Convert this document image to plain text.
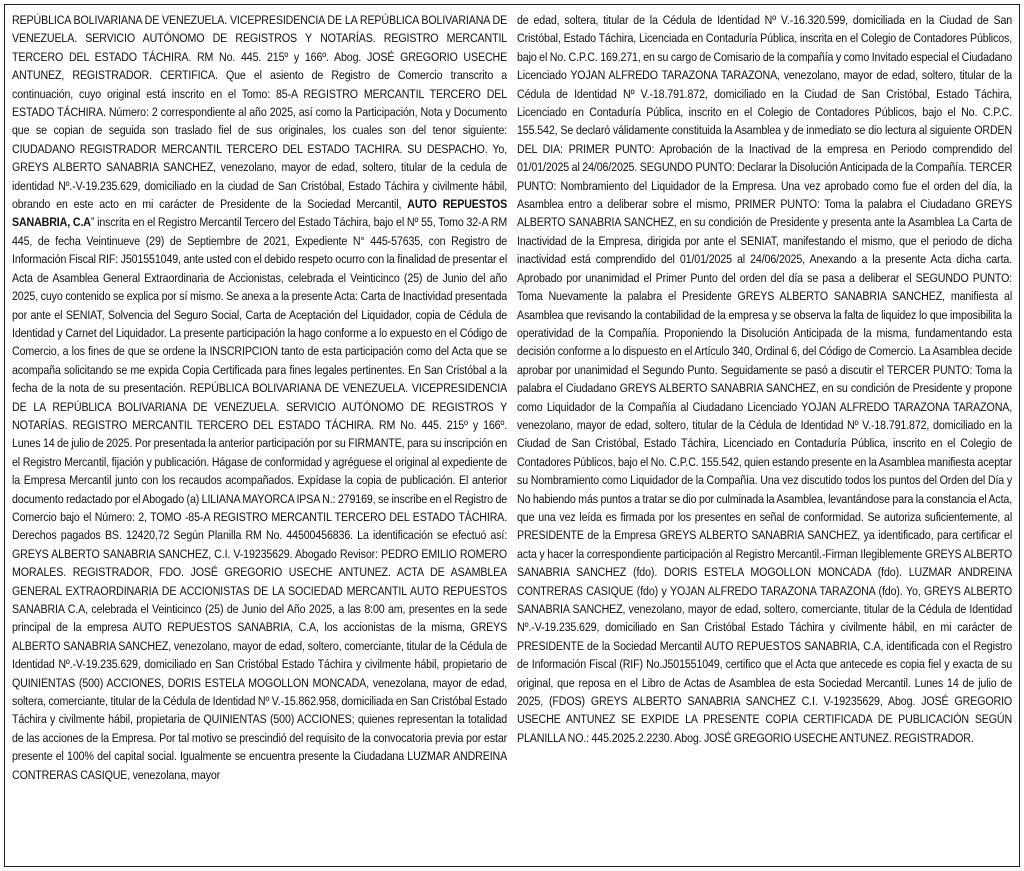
REPÚBLICA BOLIVARIANA DE VENEZUELA. VICEPRESIDENCIA DE LA REPÚBLICA BOLIVARIANA DE VENEZUELA. SERVICIO AUTÓNOMO DE REGISTROS Y NOTARÍAS. REGISTRO MERCANTIL TERCERO DEL ESTADO TÁCHIRA. RM No. 445. 215º y 166º. Abog. JOSÉ GREGORIO USECHE ANTUNEZ, REGISTRADOR. CERTIFICA. Que el asiento de Registro de Comercio transcrito a continuación, cuyo original está inscrito en el Tomo: 85-A REGISTRO MERCANTIL TERCERO DEL ESTADO TÁCHIRA. Número: 2 correspondiente al año 2025, así como la Participación, Nota y Documento que se copian de seguida son traslado fiel de sus originales, los cuales son del tenor siguiente: CIUDADANO REGISTRADOR MERCANTIL TERCERO DEL ESTADO TACHIRA. SU DESPACHO. Yo, GREYS ALBERTO SANABRIA SANCHEZ, venezolano, mayor de edad, soltero, titular de la cedula de identidad Nº.-V-19.235.629, domiciliado en la ciudad de San Cristóbal, Estado Táchira y civilmente hábil, obrando en este acto en mi carácter de Presidente de la Sociedad Mercantil, AUTO REPUESTOS SANABRIA, C.A” inscrita en el Registro Mercantil Tercero del Estado Táchira, bajo el Nº 55, Tomo 32-A RM 445, de fecha Veintinueve (29) de Septiembre de 2021, Expediente N° 445-57635, con Registro de Información Fiscal RIF: J501551049, ante usted con el debido respeto ocurro con la finalidad de presentar el Acta de Asamblea General Extraordinaria de Accionistas, celebrada el Veinticinco (25) de Junio del año 2025, cuyo contenido se explica por sí mismo. Se anexa a la presente Acta: Carta de Inactividad presentada por ante el SENIAT, Solvencia del Seguro Social, Carta de Aceptación del Liquidador, copia de Cédula de Identidad y Carnet del Liquidador. La presente participación la hago conforme a lo expuesto en el Código de Comercio, a los fines de que se ordene la INSCRIPCION tanto de esta participación como del Acta que se acompaña solicitando se me expida Copia Certificada para fines legales pertinentes. En San Cristóbal a la fecha de la nota de su presentación. REPÚBLICA BOLIVARIANA DE VENEZUELA. VICEPRESIDENCIA DE LA REPÚBLICA BOLIVARIANA DE VENEZUELA. SERVICIO AUTÓNOMO DE REGISTROS Y NOTARÍAS. REGISTRO MERCANTIL TERCERO DEL ESTADO TÁCHIRA. RM No. 445. 215º y 166º. Lunes 14 de julio de 2025. Por presentada la anterior participación por su FIRMANTE, para su inscripción en el Registro Mercantil, fijación y publicación. Hágase de conformidad y agréguese el original al expediente de la Empresa Mercantil junto con los recaudos acompañados. Expídase la copia de publicación. El anterior documento redactado por el Abogado (a) LILIANA MAYORCA IPSA N.: 279169, se inscribe en el Registro de Comercio bajo el Número: 2, TOMO -85-A REGISTRO MERCANTIL TERCERO DEL ESTADO TÁCHIRA. Derechos pagados BS. 12420,72 Según Planilla RM No. 44500456836. La identificación se efectuó así: GREYS ALBERTO SANABRIA SANCHEZ, C.I. V-19235629. Abogado Revisor: PEDRO EMILIO ROMERO MORALES. REGISTRADOR, FDO. JOSÉ GREGORIO USECHE ANTUNEZ. ACTA DE ASAMBLEA GENERAL EXTRAORDINARIA DE ACCIONISTAS DE LA SOCIEDAD MERCANTIL AUTO REPUESTOS SANABRIA C.A, celebrada el Veinticinco (25) de Junio del Año 2025, a las 8:00 am, presentes en la sede principal de la empresa AUTO REPUESTOS SANABRIA, C.A, los accionistas de la misma, GREYS ALBERTO SANABRIA SANCHEZ, venezolano, mayor de edad, soltero, comerciante, titular de la Cédula de Identidad Nº.-V-19.235.629, domiciliado en San Cristóbal Estado Táchira y civilmente hábil, propietario de QUINIENTAS (500) ACCIONES, DORIS ESTELA MOGOLLON MONCADA, venezolana, mayor de edad, soltera, comerciante, titular de la Cédula de Identidad Nº V.-15.862.958, domiciliada en San Cristóbal Estado Táchira y civilmente hábil, propietaria de QUINIENTAS (500) ACCIONES; quienes representan la totalidad de las acciones de la Empresa. Por tal motivo se prescindió del requisito de la convocatoria previa por estar presente el 100% del capital social. Igualmente se encuentra presente la Ciudadana LUZMAR ANDREINA CONTRERAS CASIQUE, venezolana, mayor

de edad, soltera, titular de la Cédula de Identidad Nº V.-16.320.599, domiciliada en la Ciudad de San Cristóbal, Estado Táchira, Licenciada en Contaduría Pública, inscrita en el Colegio de Contadores Públicos, bajo el No. C.P.C. 169.271, en su cargo de Comisario de la compañía y como Invitado especial el Ciudadano Licenciado YOJAN ALFREDO TARAZONA TARAZONA, venezolano, mayor de edad, soltero, titular de la Cédula de Identidad Nº V.-18.791.872, domiciliado en la Ciudad de San Cristóbal, Estado Táchira, Licenciado en Contaduría Pública, inscrito en el Colegio de Contadores Públicos, bajo el No. C.P.C. 155.542, Se declaró válidamente constituida la Asamblea y de inmediato se dio lectura al siguiente ORDEN DEL DIA: PRIMER PUNTO: Aprobación de la Inactivad de la empresa en Periodo comprendido del 01/01/2025 al 24/06/2025. SEGUNDO PUNTO: Declarar la Disolución Anticipada de la Compañía. TERCER PUNTO: Nombramiento del Liquidador de la Empresa. Una vez aprobado como fue el orden del día, la Asamblea entro a deliberar sobre el mismo, PRIMER PUNTO: Toma la palabra el Ciudadano GREYS ALBERTO SANABRIA SANCHEZ, en su condición de Presidente y presenta ante la Asamblea La Carta de Inactividad de la Empresa, dirigida por ante el SENIAT, manifestando el mismo, que el periodo de dicha inactividad está comprendido del 01/01/2025 al 24/06/2025, Anexando a la presente Acta dicha carta. Aprobado por unanimidad el Primer Punto del orden del día se pasa a deliberar el SEGUNDO PUNTO: Toma Nuevamente la palabra el Presidente GREYS ALBERTO SANABRIA SANCHEZ, manifiesta al Asamblea que revisando la contabilidad de la empresa y se observa la falta de liquidez lo que imposibilita la operatividad de la Compañía. Proponiendo la Disolución Anticipada de la misma, fundamentando esta decisión conforme a lo dispuesto en el Artículo 340, Ordinal 6, del Código de Comercio. La Asamblea decide aprobar por unanimidad el Segundo Punto. Seguidamente se pasó a discutir el TERCER PUNTO: Toma la palabra el Ciudadano GREYS ALBERTO SANABRIA SANCHEZ, en su condición de Presidente y propone como Liquidador de la Compañía al Ciudadano Licenciado YOJAN ALFREDO TARAZONA TARAZONA, venezolano, mayor de edad, soltero, titular de la Cédula de Identidad Nº V.-18.791.872, domiciliado en la Ciudad de San Cristóbal, Estado Táchira, Licenciado en Contaduría Pública, inscrito en el Colegio de Contadores Públicos, bajo el No. C.P.C. 155.542, quien estando presente en la Asamblea manifiesta aceptar su Nombramiento como Liquidador de la Compañía. Una vez discutido todos los puntos del Orden del Día y No habiendo más puntos a tratar se dio por culminada la Asamblea, levantándose para la constancia el Acta, que una vez leída es firmada por los presentes en señal de conformidad. Se autoriza suficientemente, al PRESIDENTE de la Empresa GREYS ALBERTO SANABRIA SANCHEZ, ya identificado, para certificar el acta y hacer la correspondiente participación al Registro Mercantil.-Firman Ilegiblemente GREYS ALBERTO SANABRIA SANCHEZ (fdo). DORIS ESTELA MOGOLLON MONCADA (fdo). LUZMAR ANDREINA CONTRERAS CASIQUE (fdo) y YOJAN ALFREDO TARAZONA TARAZONA (fdo). Yo, GREYS ALBERTO SANABRIA SANCHEZ, venezolano, mayor de edad, soltero, comerciante, titular de la Cédula de Identidad Nº.-V-19.235.629, domiciliado en San Cristóbal Estado Táchira y civilmente hábil, en mi carácter de PRESIDENTE de la Sociedad Mercantil AUTO REPUESTOS SANABRIA, C.A, identificada con el Registro de Información Fiscal (RIF) No.J501551049, certifico que el Acta que antecede es copia fiel y exacta de su original, que reposa en el Libro de Actas de Asamblea de esta Sociedad Mercantil. Lunes 14 de julio de 2025, (FDOS) GREYS ALBERTO SANABRIA SANCHEZ C.I. V-19235629, Abog. JOSÉ GREGORIO USECHE ANTUNEZ SE EXPIDE LA PRESENTE COPIA CERTIFICADA DE PUBLICACIÓN SEGÚN PLANILLA NO.: 445.2025.2.2230. Abog. JOSÉ GREGORIO USECHE ANTUNEZ. REGISTRADOR.
